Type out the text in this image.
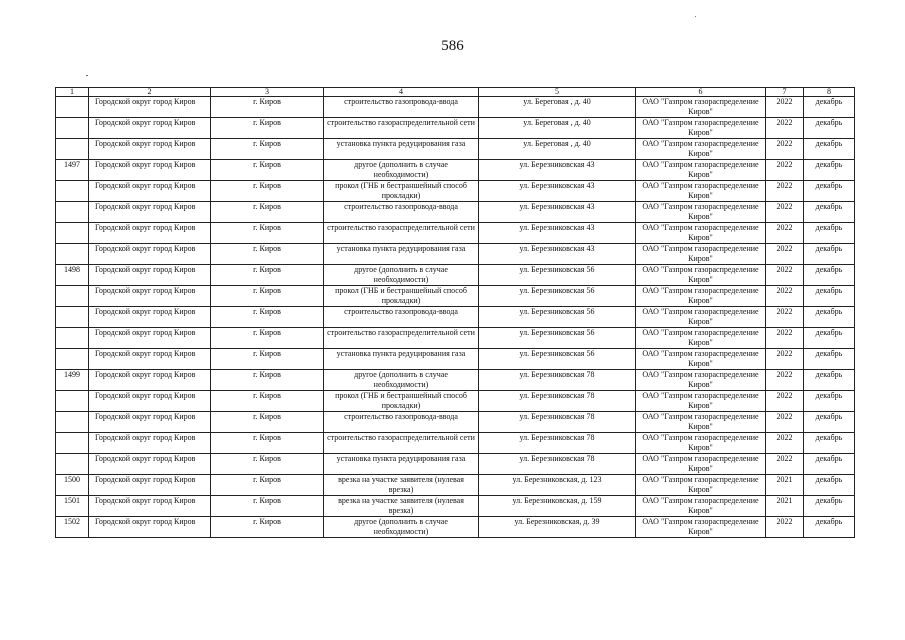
586
1	2	3	4	5	6	7	8
	Городской округ город Киров	г. Киров	строительство газопровода-ввода	ул. Береговая , д. 40	ОАО "Газпром газораспределение Киров"	2022	декабрь
	Городской округ город Киров	г. Киров	строительство газораспределительной сети	ул. Береговая , д. 40	ОАО "Газпром газораспределение Киров"	2022	декабрь
	Городской округ город Киров	г. Киров	установка пункта редуцирования газа	ул. Береговая , д. 40	ОАО "Газпром газораспределение Киров"	2022	декабрь
1497	Городской округ город Киров	г. Киров	другое (дополнить в случае необходимости)	ул. Березниковская 43	ОАО "Газпром газораспределение Киров"	2022	декабрь
	Городской округ город Киров	г. Киров	прокол (ГНБ и бестраншейный способ прокладки)	ул. Березниковская 43	ОАО "Газпром газораспределение Киров"	2022	декабрь
	Городской округ город Киров	г. Киров	строительство газопровода-ввода	ул. Березниковская 43	ОАО "Газпром газораспределение Киров"	2022	декабрь
	Городской округ город Киров	г. Киров	строительство газораспределительной сети	ул. Березниковская 43	ОАО "Газпром газораспределение Киров"	2022	декабрь
	Городской округ город Киров	г. Киров	установка пункта редуцирования газа	ул. Березниковская 43	ОАО "Газпром газораспределение Киров"	2022	декабрь
1498	Городской округ город Киров	г. Киров	другое (дополнить в случае необходимости)	ул. Березниковская 56	ОАО "Газпром газораспределение Киров"	2022	декабрь
	Городской округ город Киров	г. Киров	прокол (ГНБ и бестраншейный способ прокладки)	ул. Березниковская 56	ОАО "Газпром газораспределение Киров"	2022	декабрь
	Городской округ город Киров	г. Киров	строительство газопровода-ввода	ул. Березниковская 56	ОАО "Газпром газораспределение Киров"	2022	декабрь
	Городской округ город Киров	г. Киров	строительство газораспределительной сети	ул. Березниковская 56	ОАО "Газпром газораспределение Киров"	2022	декабрь
	Городской округ город Киров	г. Киров	установка пункта редуцирования газа	ул. Березниковская 56	ОАО "Газпром газораспределение Киров"	2022	декабрь
1499	Городской округ город Киров	г. Киров	другое (дополнить в случае необходимости)	ул. Березниковская 78	ОАО "Газпром газораспределение Киров"	2022	декабрь
	Городской округ город Киров	г. Киров	прокол (ГНБ и бестраншейный способ прокладки)	ул. Березниковская 78	ОАО "Газпром газораспределение Киров"	2022	декабрь
	Городской округ город Киров	г. Киров	строительство газопровода-ввода	ул. Березниковская 78	ОАО "Газпром газораспределение Киров"	2022	декабрь
	Городской округ город Киров	г. Киров	строительство газораспределительной сети	ул. Березниковская 78	ОАО "Газпром газораспределение Киров"	2022	декабрь
	Городской округ город Киров	г. Киров	установка пункта редуцирования газа	ул. Березниковская 78	ОАО "Газпром газораспределение Киров"	2022	декабрь
1500	Городской округ город Киров	г. Киров	врезка на участке заявителя (нулевая врезка)	ул. Березниковская, д. 123	ОАО "Газпром газораспределение Киров"	2021	декабрь
1501	Городской округ город Киров	г. Киров	врезка на участке заявителя (нулевая врезка)	ул. Березниковская, д. 159	ОАО "Газпром газораспределение Киров"	2021	декабрь
1502	Городской округ город Киров	г. Киров	другое (дополнить в случае необходимости)	ул. Березниковская, д. 39	ОАО "Газпром газораспределение Киров"	2022	декабрь
